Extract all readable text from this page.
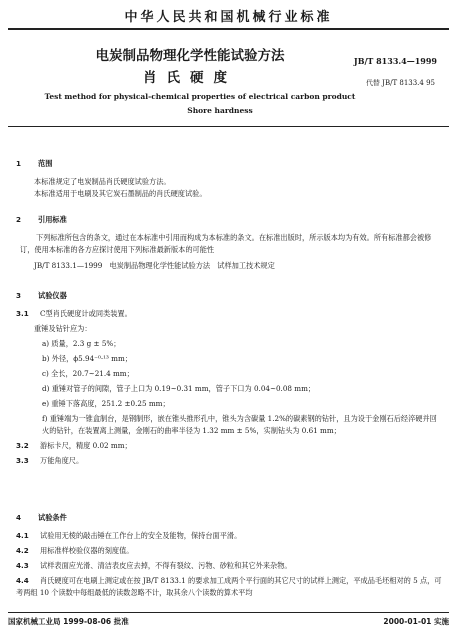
中华人民共和国机械行业标准
电炭制品物理化学性能试验方法
肖氏硬度
JB/T 8133.4—1999
代替 JB/T 8133.4 95
Test method for physical-chemical properties of electrical carbon product
Shore hardness
1 范围
本标准规定了电炭制品肖氏硬度试验方法。
本标准适用于电刷及其它炭石墨制品的肖氏硬度试验。
2 引用标准
下列标准所包含的条文，通过在本标准中引用而构成为本标准的条文。在标准出版时，所示版本均为有效。所有标准都会被修订，使用本标准的各方应探讨使用下列标准最新版本的可能性
JB/T 8133.1—1999　电炭制品物理化学性能试验方法　试样加工技术规定
3 试验仪器
3.1 C型肖氏硬度计或同类装置。
重锤及钻针应为：
a) 质量，2.3 g ± 5%；
b) 外径，ϕ5.94⁻⁰·¹³ mm；
c) 全长，20.7~21.4 mm；
d) 重锤对管子的间隙，管子上口为 0.19~0.31 mm，管子下口为 0.04~0.08 mm；
e) 重锤下落高度，251.2 ±0.25 mm；
f) 重锤端为一锥盒制台，是钢制形，嵌在锥头推形孔中，锥头为含碳量 1.2%的碳素钢的钻针，且为设于金刚石后经淬硬并回火的钻针，在装置离上测量，金刚石的曲率半径为 1.32 mm ± 5%，实制钻头为 0.61 mm；
3.2 游标卡尺，精度 0.02 mm；
3.3 万能角度尺。
4 试验条件
4.1 试验用无棱的敲击锤在工作台上的安全及能物，保持台面平滑。
4.2 用标准样校验仪器的刻度值。
4.3 试样表面应光滑、清洁表皮应去掉，不得有裂纹、污物、砂粒和其它外来杂物。
4.4 肖氏硬度可在电刷上测定或在按 JB/T 8133.1 的要求加工成两个平行面的其它尺寸的试样上测定，平成品毛坯相对的 5 点，可考两组 10 个读数中每组最低的读数忽略不计，取其余八个读数的算术平均
国家机械工业局 1999-08-06 批准	2000-01-01 实施
